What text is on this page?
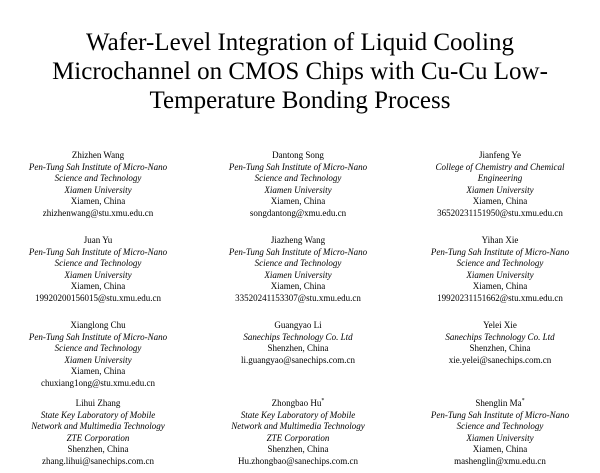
Wafer-Level Integration of Liquid Cooling
Microchannel on CMOS Chips with Cu-Cu Low-
Temperature Bonding Process
Zhizhen Wang
Pen-Tung Sah Institute of Micro-Nano
Science and Technology
Xiamen University
Xiamen, China
zhizhenwang@stu.xmu.edu.cn
Dantong Song
Pen-Tung Sah Institute of Micro-Nano
Science and Technology
Xiamen University
Xiamen, China
songdantong@xmu.edu.cn
Jianfeng Ye
College of Chemistry and Chemical
Engineering
Xiamen University
Xiamen, China
36520231151950@stu.xmu.edu.cn
Juan Yu
Pen-Tung Sah Institute of Micro-Nano
Science and Technology
Xiamen University
Xiamen, China
19920200156015@stu.xmu.edu.cn
Jiazheng Wang
Pen-Tung Sah Institute of Micro-Nano
Science and Technology
Xiamen University
Xiamen, China
33520241153307@stu.xmu.edu.cn
Yihan Xie
Pen-Tung Sah Institute of Micro-Nano
Science and Technology
Xiamen University
Xiamen, China
19920231151662@stu.xmu.edu.cn
Xianglong Chu
Pen-Tung Sah Institute of Micro-Nano
Science and Technology
Xiamen University
Xiamen, China
chuxiang1ong@stu.xmu.edu.cn
Guangyao Li
Sanechips Technology Co. Ltd
Shenzhen, China
li.guangyao@sanechips.com.cn
Yelei Xie
Sanechips Technology Co. Ltd
Shenzhen, China
xie.yelei@sanechips.com.cn
Lihui Zhang
State Key Laboratory of Mobile
Network and Multimedia Technology
ZTE Corporation
Shenzhen, China
zhang.lihui@sanechips.com.cn
Zhongbao Hu*
State Key Laboratory of Mobile
Network and Multimedia Technology
ZTE Corporation
Shenzhen, China
Hu.zhongbao@sanechips.com.cn
Shenglin Ma*
Pen-Tung Sah Institute of Micro-Nano
Science and Technology
Xiamen University
Xiamen, China
mashenglin@xmu.edu.cn
